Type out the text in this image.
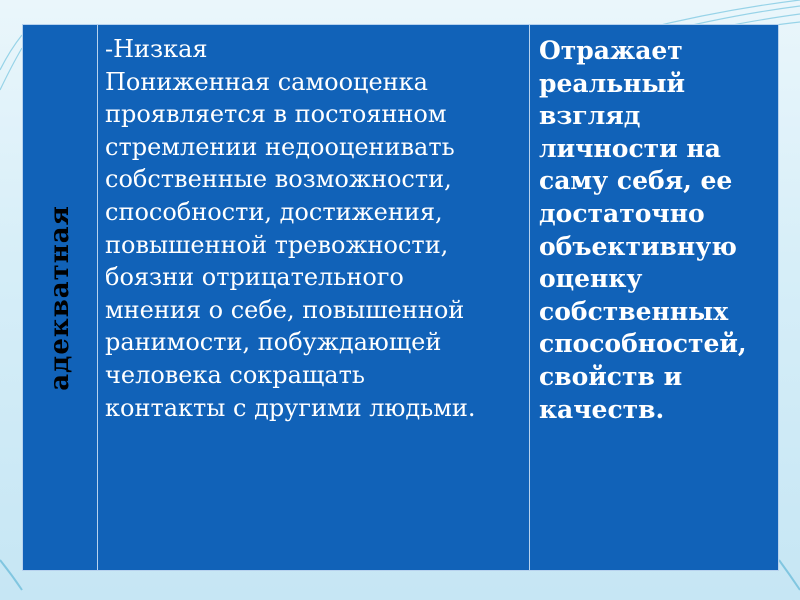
адекватная
-Низкая
Пониженная самооценка
проявляется в постоянном
стремлении недооценивать
собственные возможности,
способности, достижения,
повышенной тревожности,
боязни отрицательного
мнения о себе, повышенной
ранимости, побуждающей
человека сокращать
контакты с другими людьми.
Отражает
реальный
взгляд
личности на
саму себя, ее
достаточно
объективную
оценку
собственных
способностей,
свойств и
качеств.
